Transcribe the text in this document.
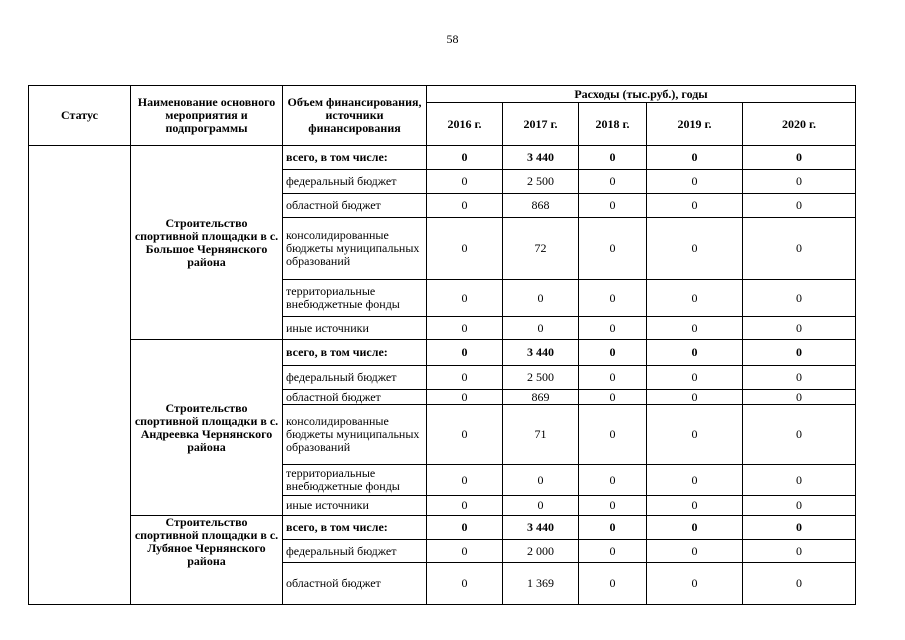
58
Статус	Наименование основного мероприятия и подпрограммы	Объем финансирования, источники финансирования	Расходы (тыс.руб.), годы				
			2016 г.	2017 г.	2018 г.	2019 г.	2020 г.
	Строительство спортивной площадки в с. Большое Чернянского района	всего, в том числе:	0	3 440	0	0	0
		федеральный бюджет	0	2 500	0	0	0
		областной бюджет	0	868	0	0	0
		консолидированные бюджеты муниципальных образований	0	72	0	0	0
		территориальные внебюджетные фонды	0	0	0	0	0
		иные источники	0	0	0	0	0
	Строительство спортивной площадки в с. Андреевка Чернянского района	всего, в том числе:	0	3 440	0	0	0
		федеральный бюджет	0	2 500	0	0	0
		областной бюджет	0	869	0	0	0
		консолидированные бюджеты муниципальных образований	0	71	0	0	0
		территориальные внебюджетные фонды	0	0	0	0	0
		иные источники	0	0	0	0	0
	Строительство спортивной площадки в с. Лубяное Чернянского района	всего, в том числе:	0	3 440	0	0	0
		федеральный бюджет	0	2 000	0	0	0
		областной бюджет	0	1 369	0	0	0
